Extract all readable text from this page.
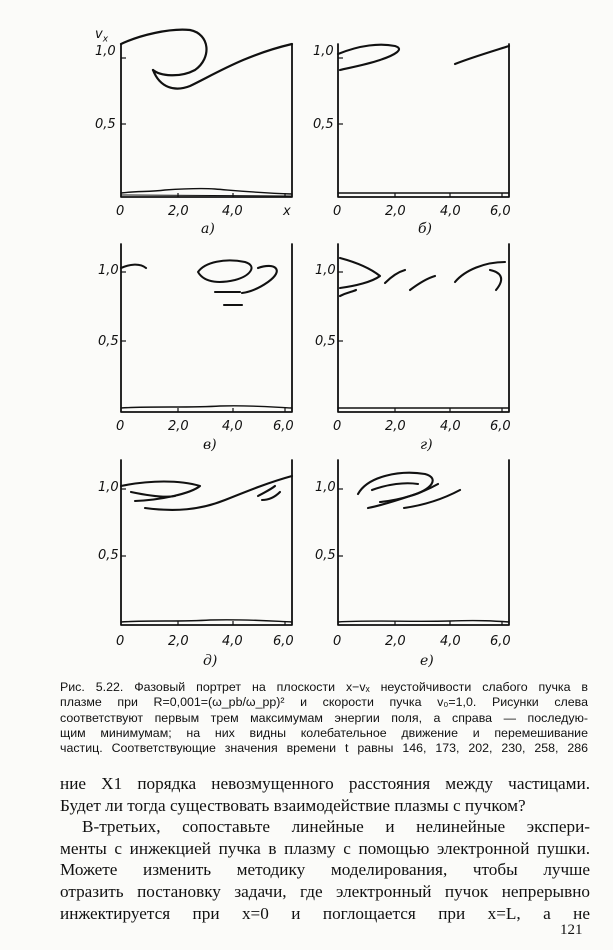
$v_x$
1,0
0,5
0	2,0	4,0	x
а)
1,0
0,5
0	2,0	4,0 6,0
б)
1,0
0,5
0	2,0	4,0 6,0
в)
1,0
0,5
0	2,0	4,0 6,0
г)
1,0
0,5
0	2,0	4,0 6,0
д)
1,0
0,5
0	2,0	4,0 6,0
е)
Рис. 5.22. Фазовый портрет на плоскости x−vₓ неустойчивости слабого пучка в
плазме при R=0,001=(ω_pb/ω_pp)² и скорости пучка v₀=1,0. Рисунки слева
соответствуют первым трем максимумам энергии поля, а справа — последую-
щим минимумам; на них видны колебательное движение и перемешивание
частиц. Соответствующие значения времени t равны 146, 173, 202, 230, 258, 286

ние X1 порядка невозмущенного расстояния между частицами.

Будет ли тогда существовать взаимодействие плазмы с пучком?

В-третьих, сопоставьте линейные и нелинейные экспери-

менты с инжекцией пучка в плазму с помощью электронной пушки.

Можете изменить методику моделирования, чтобы лучше

отразить постановку задачи, где электронный пучок непрерывно

инжектируется при x=0 и поглощается при x=L, а не

121
